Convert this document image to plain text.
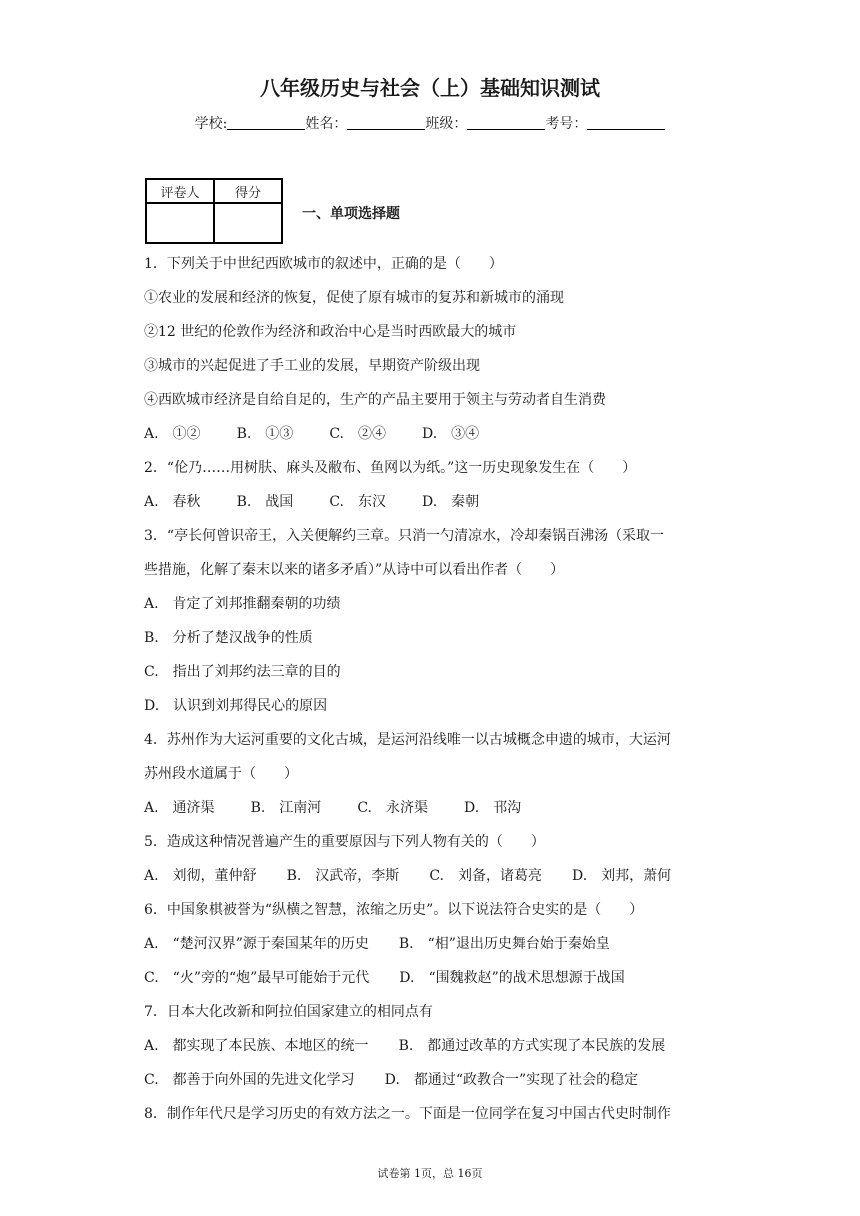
八年级历史与社会（上）基础知识测试
学校:	姓名：	班级：	考号：
评卷人	得分

一、单项选择题
1．下列关于中世纪西欧城市的叙述中，正确的是（　　）
①农业的发展和经济的恢复，促使了原有城市的复苏和新城市的涌现
②12 世纪的伦敦作为经济和政治中心是当时西欧最大的城市
③城市的兴起促进了手工业的发展，早期资产阶级出现
④西欧城市经济是自给自足的，生产的产品主要用于领主与劳动者自生消费
A.　①②	B.　①③	C.　②④	D.　③④
2．“伦乃……用树肤、麻头及敝布、鱼网以为纸。”这一历史现象发生在（　　）
A.　春秋	B.　战国	C.　东汉	D.　秦朝
3．“亭长何曾识帝王，入关便解约三章。只消一勺清凉水，冷却秦锅百沸汤（采取一
些措施，化解了秦末以来的诸多矛盾）”从诗中可以看出作者（　　）
A.　肯定了刘邦推翻秦朝的功绩
B.　分析了楚汉战争的性质
C.　指出了刘邦约法三章的目的
D.　认识到刘邦得民心的原因
4．苏州作为大运河重要的文化古城，是运河沿线唯一以古城概念申遗的城市，大运河
苏州段水道属于（　　）
A.　通济渠	B.　江南河	C.　永济渠	D.　邗沟
5．造成这种情况普遍产生的重要原因与下列人物有关的（　　）
A.　刘彻，董仲舒 B.　汉武帝，李斯 C.　刘备，诸葛亮 D.　刘邦，萧何
6．中国象棋被誉为“纵横之智慧，浓缩之历史”。以下说法符合史实的是（　　）
A.　“楚河汉界”源于秦国某年的历史 B.　“相”退出历史舞台始于秦始皇
C.　“火”旁的“炮”最早可能始于元代 D.　“围魏救赵”的战术思想源于战国
7．日本大化改新和阿拉伯国家建立的相同点有
A.　都实现了本民族、本地区的统一 B.　都通过改革的方式实现了本民族的发展
C.　都善于向外国的先进文化学习 D.　都通过“政教合一”实现了社会的稳定
8．制作年代尺是学习历史的有效方法之一。下面是一位同学在复习中国古代史时制作
试卷第 1页，总 16页
